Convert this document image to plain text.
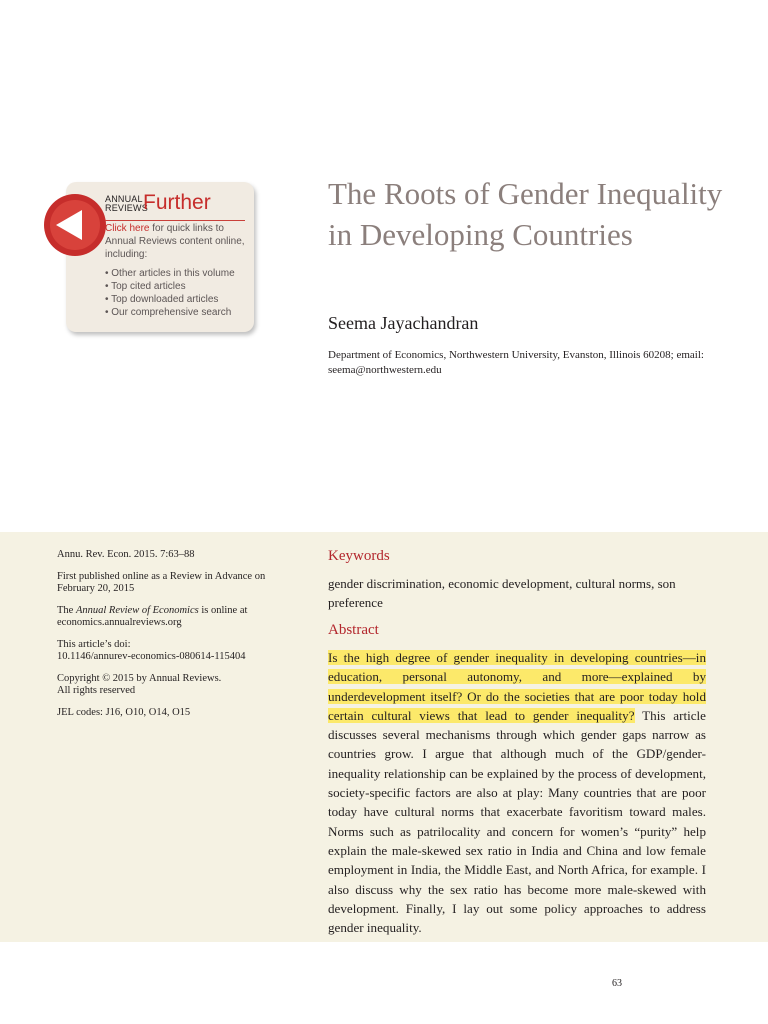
ANNUAL
REVIEWS
Further
Click here for quick links to Annual Reviews content online, including:
• Other articles in this volume
• Top cited articles
• Top downloaded articles
• Our comprehensive search
The Roots of Gender Inequality in Developing Countries
Seema Jayachandran
Department of Economics, Northwestern University, Evanston, Illinois 60208; email: seema@northwestern.edu

Annu. Rev. Econ. 2015. 7:63–88

First published online as a Review in Advance on February 20, 2015

The Annual Review of Economics is online at economics.annualreviews.org

This article’s doi:
10.1146/annurev-economics-080614-115404

Copyright © 2015 by Annual Reviews.
All rights reserved

JEL codes: J16, O10, O14, O15

Keywords
gender discrimination, economic development, cultural norms, son preference
Abstract

Is the high degree of gender inequality in developing countries—in education, personal autonomy, and more—explained by underdevelopment itself? Or do the societies that are poor today hold certain cultural views that lead to gender inequality? This article discusses several mechanisms through which gender gaps narrow as countries grow. I argue that although much of the GDP/gender-inequality relationship can be explained by the process of development, society-specific factors are also at play: Many countries that are poor today have cultural norms that exacerbate favoritism toward males. Norms such as patrilocality and concern for women’s “purity” help explain the male-skewed sex ratio in India and China and low female employment in India, the Middle East, and North Africa, for example. I also discuss why the sex ratio has become more male-skewed with development. Finally, I lay out some policy approaches to address gender inequality.

63
